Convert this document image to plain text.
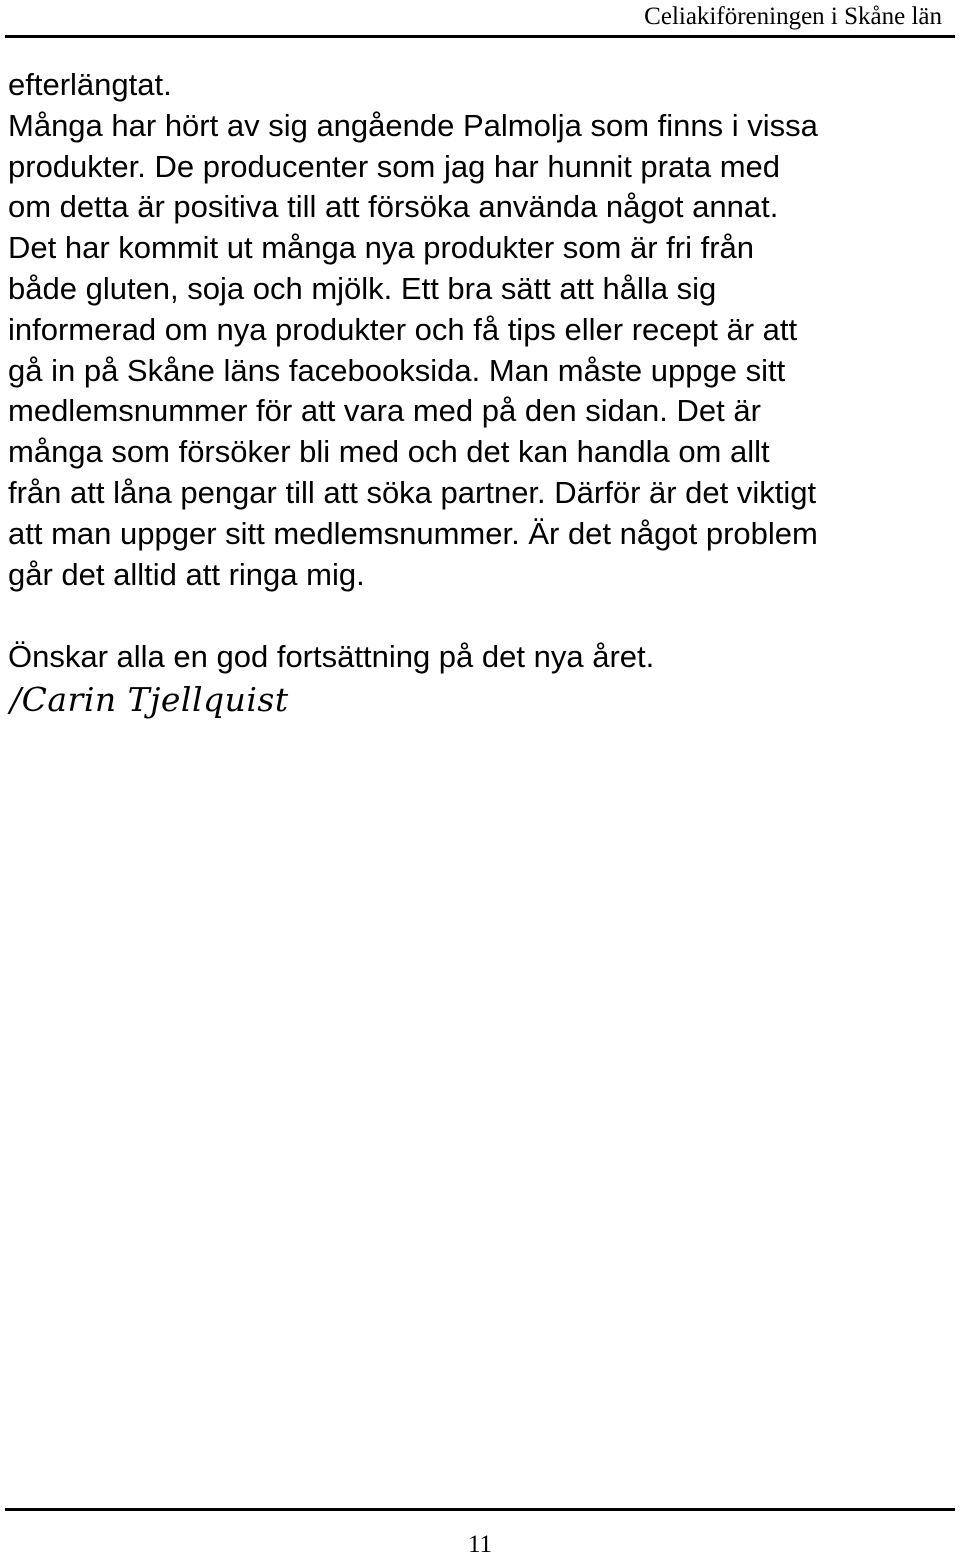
Celiakiföreningen i Skåne län
efterlängtat.
Många har hört av sig angående Palmolja som finns i vissa
produkter. De producenter som jag har hunnit prata med
om detta är positiva till att försöka använda något annat.
Det har kommit ut många nya produkter som är fri från
både gluten, soja och mjölk. Ett bra sätt att hålla sig
informerad om nya produkter och få tips eller recept är att
gå in på Skåne läns facebooksida. Man måste uppge sitt
medlemsnummer för att vara med på den sidan. Det är
många som försöker bli med och det kan handla om allt
från att låna pengar till att söka partner. Därför är det viktigt
att man uppger sitt medlemsnummer. Är det något problem
går det alltid att ringa mig.
Önskar alla en god fortsättning på det nya året.
/Carin Tjellquist
11
